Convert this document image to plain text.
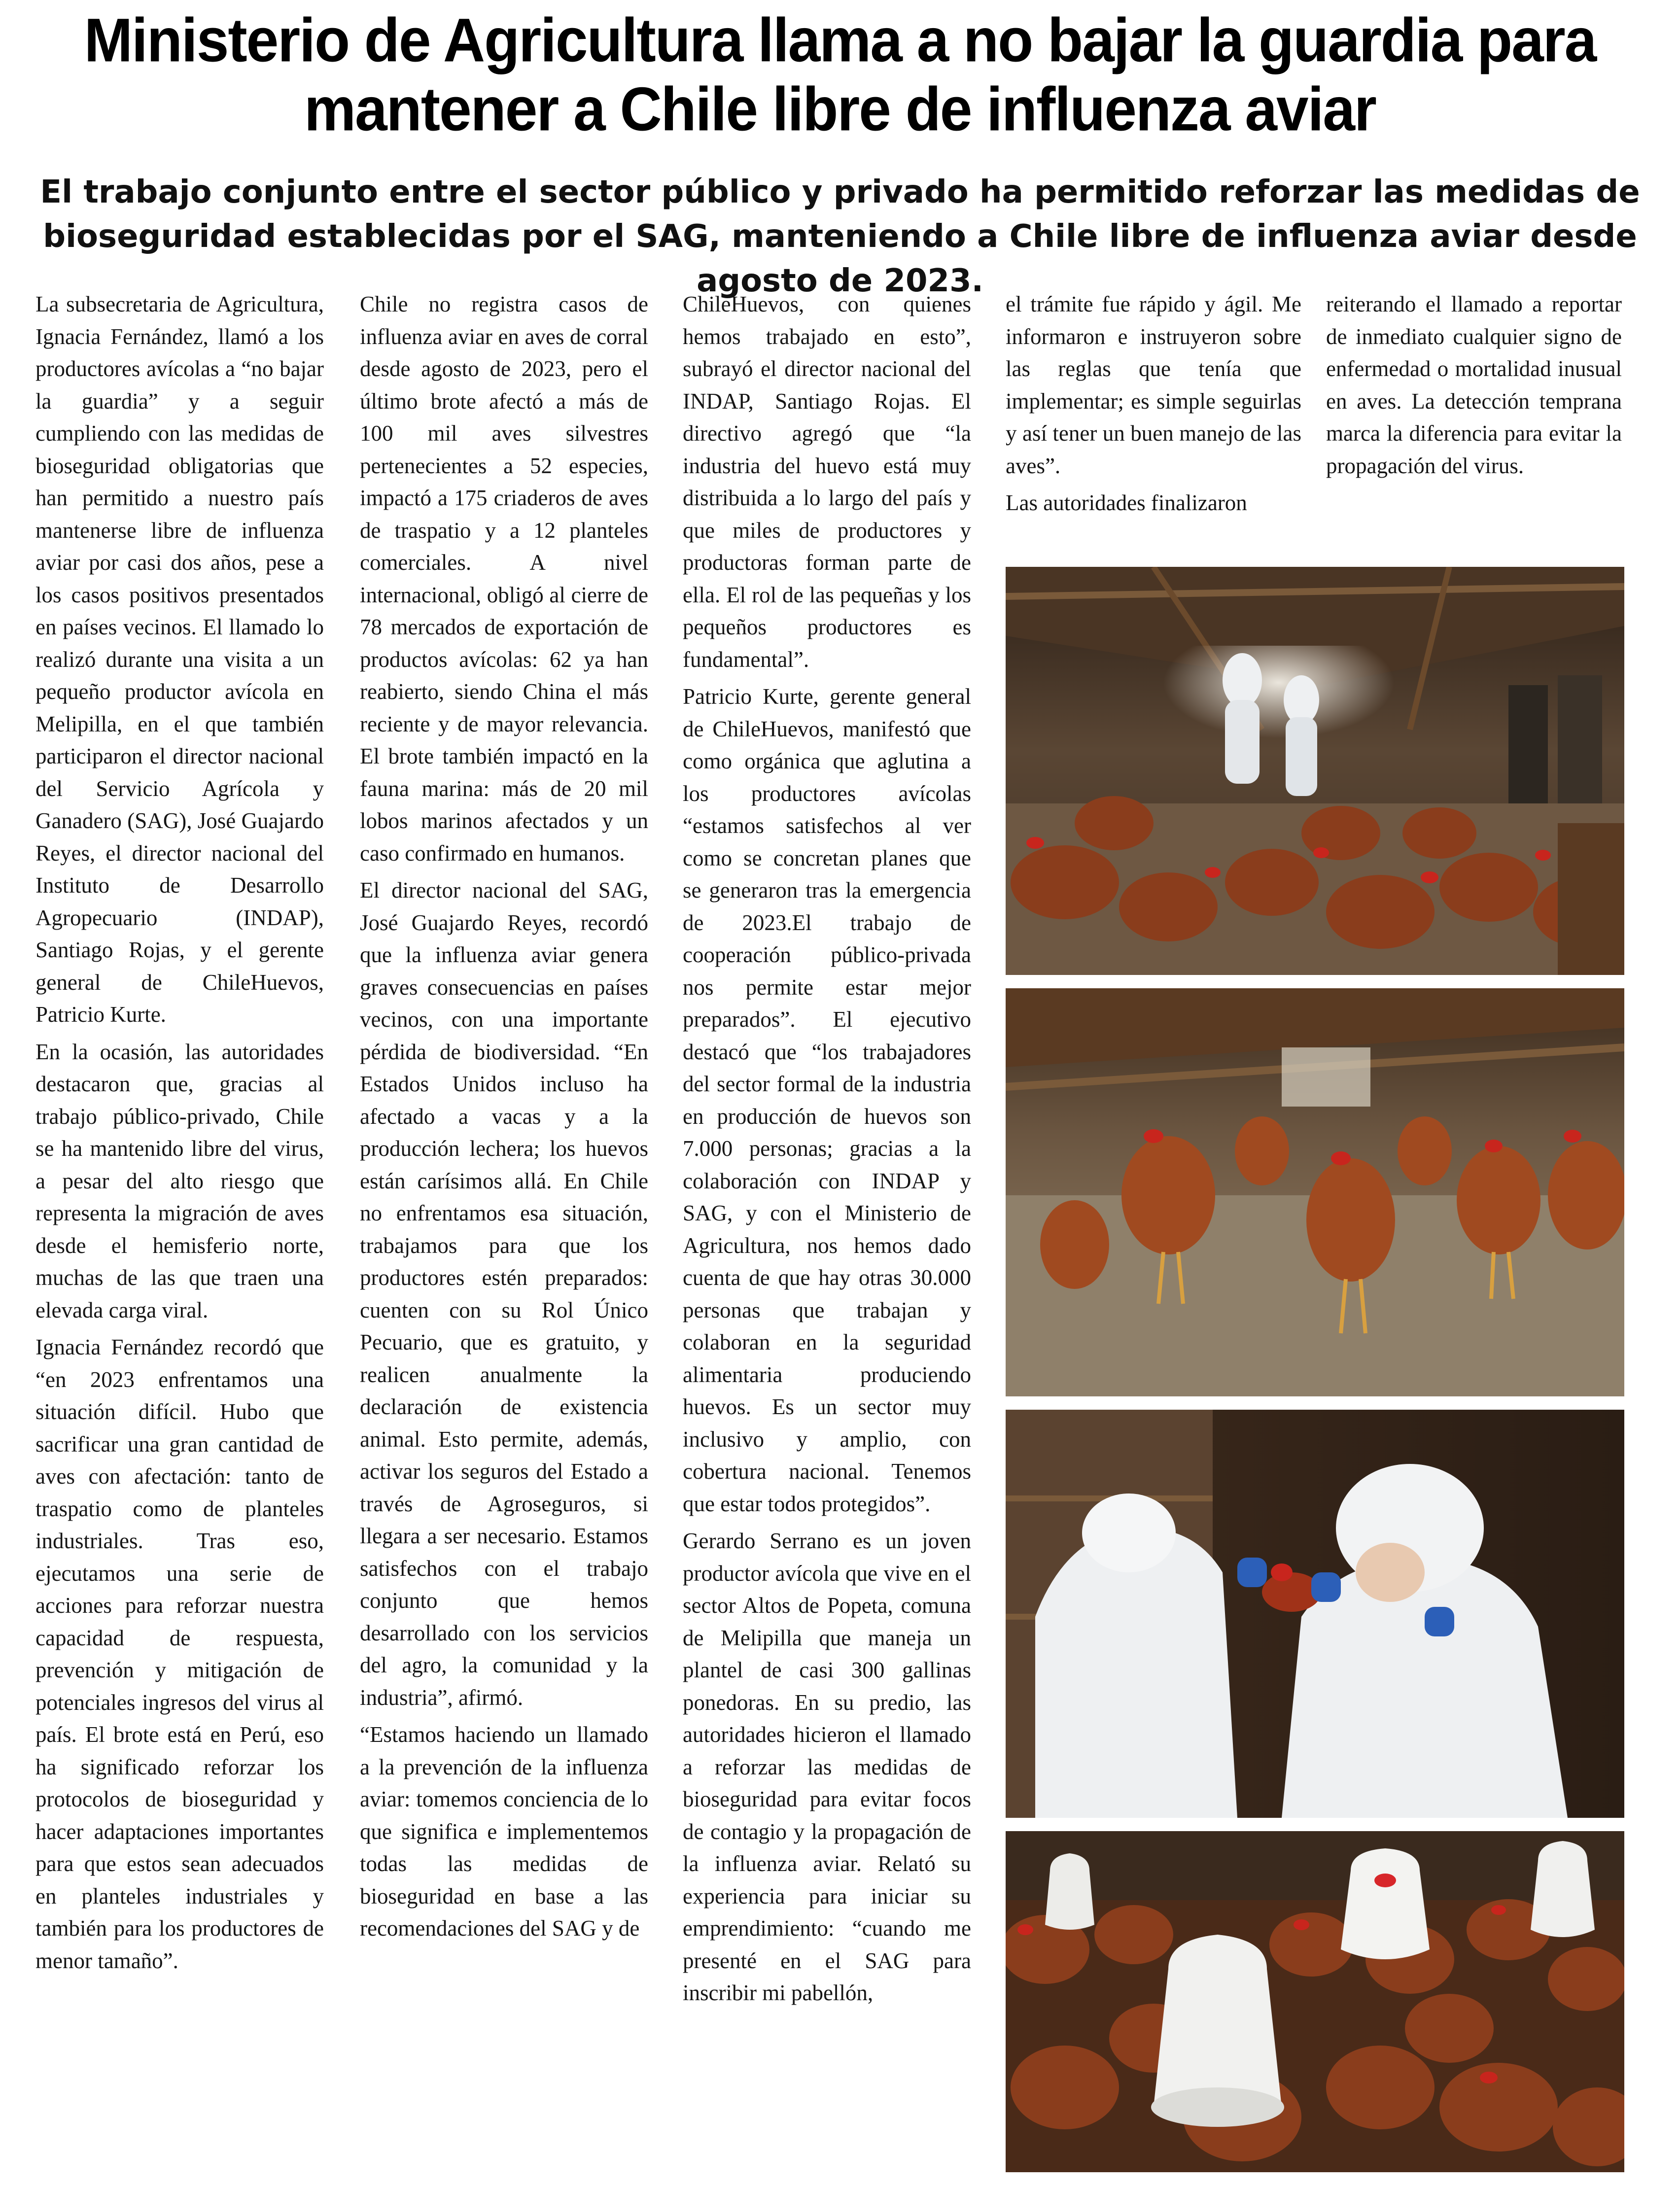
Ministerio de Agricultura llama a no bajar la guardia para mantener a Chile libre de influenza aviar
El trabajo conjunto entre el sector público y privado ha permitido reforzar las medidas de bioseguridad establecidas por el SAG, manteniendo a Chile libre de influenza aviar desde agosto de 2023.

La subsecretaria de Agricultura, Ignacia Fernández, llamó a los productores avícolas a “no bajar la guardia” y a seguir cumpliendo con las medidas de bioseguridad obligatorias que han permitido a nuestro país mantenerse libre de influenza aviar por casi dos años, pese a los casos positivos presentados en países vecinos. El llamado lo realizó durante una visita a un pequeño productor avícola en Melipilla, en el que también participaron el director nacional del Servicio Agrícola y Ganadero (SAG), José Guajardo Reyes, el director nacional del Instituto de Desarrollo Agropecuario (INDAP), Santiago Rojas, y el gerente general de ChileHuevos, Patricio Kurte.

En la ocasión, las autoridades destacaron que, gracias al trabajo público-privado, Chile se ha mantenido libre del virus, a pesar del alto riesgo que representa la migración de aves desde el hemisferio norte, muchas de las que traen una elevada carga viral.

Ignacia Fernández recordó que “en 2023 enfrentamos una situación difícil. Hubo que sacrificar una gran cantidad de aves con afectación: tanto de traspatio como de planteles industriales. Tras eso, ejecutamos una serie de acciones para reforzar nuestra capacidad de respuesta, prevención y mitigación de potenciales ingresos del virus al país. El brote está en Perú, eso ha significado reforzar los protocolos de bioseguridad y hacer adaptaciones importantes para que estos sean adecuados en planteles industriales y también para los productores de menor tamaño”.

Chile no registra casos de influenza aviar en aves de corral desde agosto de 2023, pero el último brote afectó a más de 100 mil aves silvestres pertenecientes a 52 especies, impactó a 175 criaderos de aves de traspatio y a 12 planteles comerciales. A nivel internacional, obligó al cierre de 78 mercados de exportación de productos avícolas: 62 ya han reabierto, siendo China el más reciente y de mayor relevancia. El brote también impactó en la fauna marina: más de 20 mil lobos marinos afectados y un caso confirmado en humanos.

El director nacional del SAG, José Guajardo Reyes, recordó que la influenza aviar genera graves consecuencias en países vecinos, con una importante pérdida de biodiversidad. “En Estados Unidos incluso ha afectado a vacas y a la producción lechera; los huevos están carísimos allá. En Chile no enfrentamos esa situación, trabajamos para que los productores estén preparados: cuenten con su Rol Único Pecuario, que es gratuito, y realicen anualmente la declaración de existencia animal. Esto permite, además, activar los seguros del Estado a través de Agroseguros, si llegara a ser necesario. Estamos satisfechos con el trabajo conjunto que hemos desarrollado con los servicios del agro, la comunidad y la industria”, afirmó.

“Estamos haciendo un llamado a la prevención de la influenza aviar: tomemos conciencia de lo que significa e implementemos todas las medidas de bioseguridad en base a las recomendaciones del SAG y de

ChileHuevos, con quienes hemos trabajado en esto”, subrayó el director nacional del INDAP, Santiago Rojas. El directivo agregó que “la industria del huevo está muy distribuida a lo largo del país y que miles de productores y productoras forman parte de ella. El rol de las pequeñas y los pequeños productores es fundamental”.

Patricio Kurte, gerente general de ChileHuevos, manifestó que como orgánica que aglutina a los productores avícolas “estamos satisfechos al ver como se concretan planes que se generaron tras la emergencia de 2023.El trabajo de cooperación público-privada nos permite estar mejor preparados”. El ejecutivo destacó que “los trabajadores del sector formal de la industria en producción de huevos son 7.000 personas; gracias a la colaboración con INDAP y SAG, y con el Ministerio de Agricultura, nos hemos dado cuenta de que hay otras 30.000 personas que trabajan y colaboran en la seguridad alimentaria produciendo huevos. Es un sector muy inclusivo y amplio, con cobertura nacional. Tenemos que estar todos protegidos”.

Gerardo Serrano es un joven productor avícola que vive en el sector Altos de Popeta, comuna de Melipilla que maneja un plantel de casi 300 gallinas ponedoras. En su predio, las autoridades hicieron el llamado a reforzar las medidas de bioseguridad para evitar focos de contagio y la propagación de la influenza aviar. Relató su experiencia para iniciar su emprendimiento: “cuando me presenté en el SAG para inscribir mi pabellón,

el trámite fue rápido y ágil. Me informaron e instruyeron sobre las reglas que tenía que implementar; es simple seguirlas y así tener un buen manejo de las aves”.

Las autoridades finalizaron

reiterando el llamado a reportar de inmediato cualquier signo de enfermedad o mortalidad inusual en aves. La detección temprana marca la diferencia para evitar la propagación del virus.
